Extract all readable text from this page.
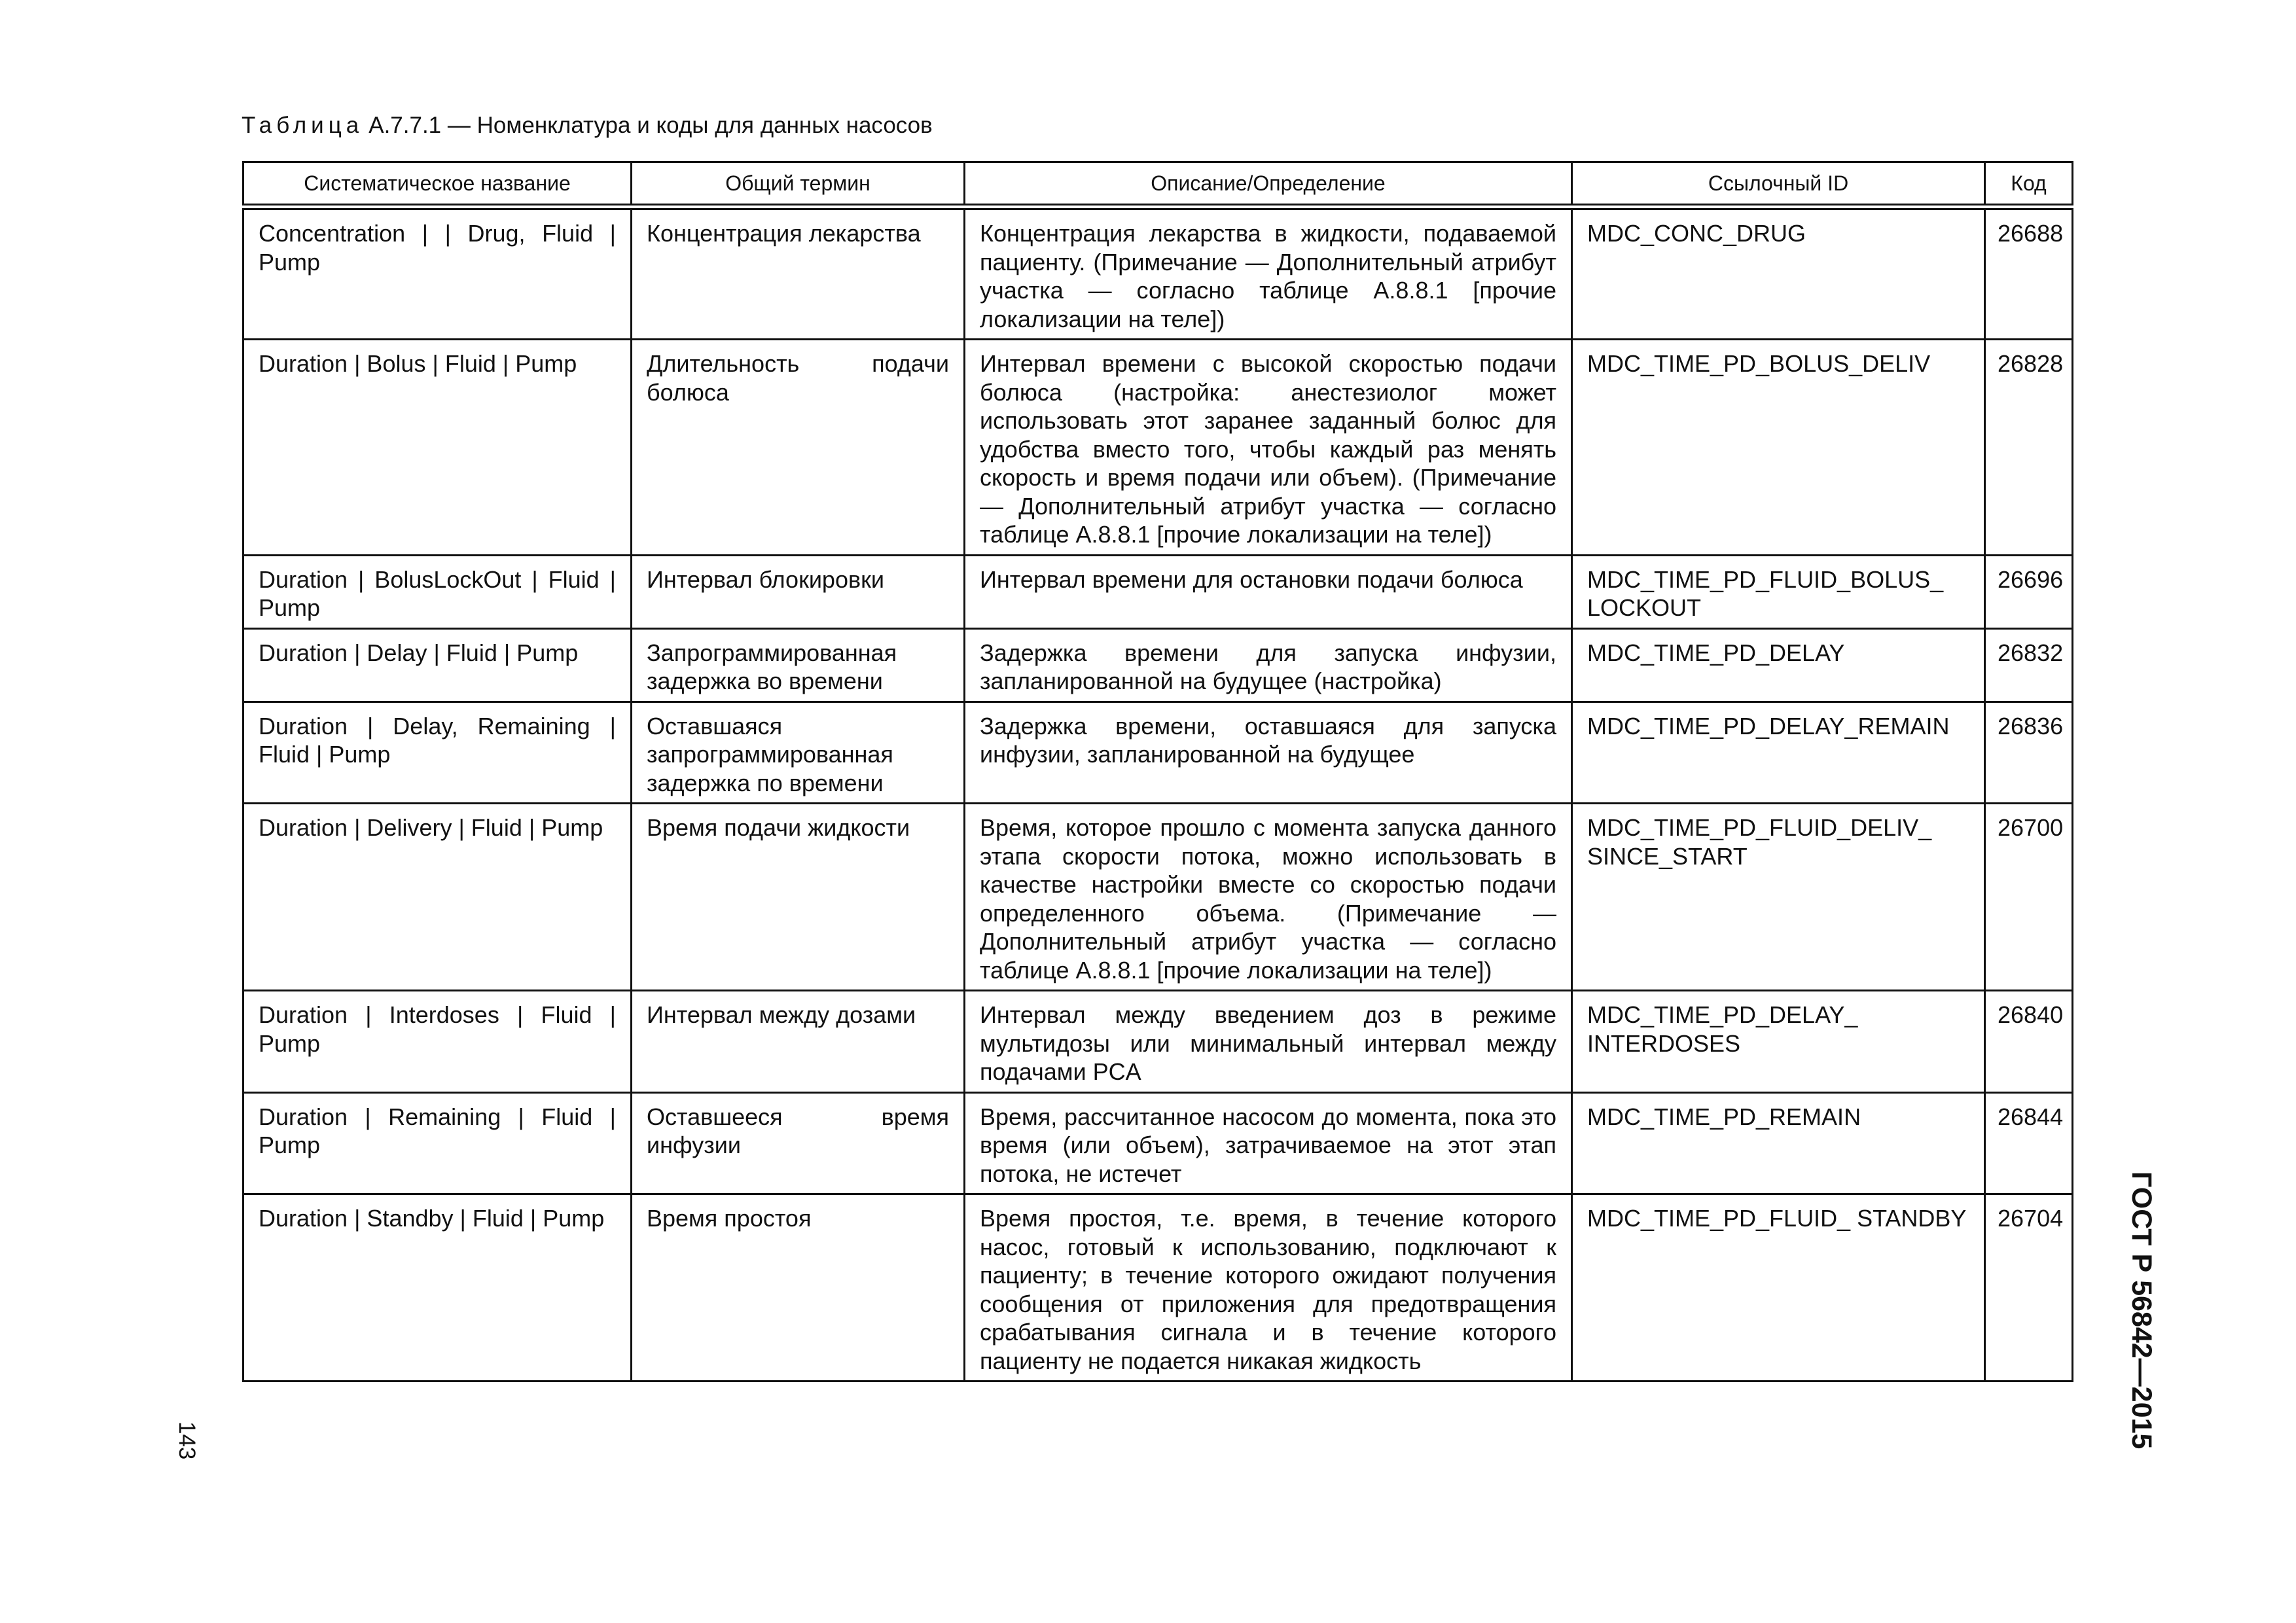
Таблица А.7.7.1 — Номенклатура и коды для данных насосов
Систематическое название	Общий термин	Описание/Определение	Ссылочный ID	Код
Concentration | | Drug, Fluid | Pump	Концентрация лекарства	Концентрация лекарства в жидкости, подаваемой пациенту. (Примечание — Дополнительный атрибут участка — согласно таблице А.8.8.1 [прочие локализации на теле])	MDC_CONC_DRUG	26688
Duration | Bolus | Fluid | Pump	Длительность подачи болюса	Интервал времени с высокой скоростью подачи болюса (настройка: анестезиолог может использовать этот заранее заданный болюс для удобства вместо того, чтобы каждый раз менять скорость и время подачи или объем). (Примечание — Дополнительный атрибут участка — согласно таблице А.8.8.1 [прочие локализации на теле])	MDC_TIME_PD_BOLUS_DELIV	26828
Duration | BolusLockOut | Fluid | Pump	Интервал блокировки	Интервал времени для остановки подачи болюса	MDC_TIME_PD_FLUID_BOLUS_ LOCKOUT	26696
Duration | Delay | Fluid | Pump	Запрограммированная задержка во времени	Задержка времени для запуска инфузии, запланированной на будущее (настройка)	MDC_TIME_PD_DELAY	26832
Duration | Delay, Remaining | Fluid | Pump	Оставшаяся запрограммированная задержка по времени	Задержка времени, оставшаяся для запуска инфузии, запланированной на будущее	MDC_TIME_PD_DELAY_REMAIN	26836
Duration | Delivery | Fluid | Pump	Время подачи жидкости	Время, которое прошло с момента запуска данного этапа скорости потока, можно использовать в качестве настройки вместе со скоростью подачи определенного объема. (Примечание — Дополнительный атрибут участка — согласно таблице А.8.8.1 [прочие локализации на теле])	MDC_TIME_PD_FLUID_DELIV_ SINCE_START	26700
Duration | Interdoses | Fluid | Pump	Интервал между дозами	Интервал между введением доз в режиме мультидозы или минимальный интервал между подачами PCA	MDC_TIME_PD_DELAY_ INTERDOSES	26840
Duration | Remaining | Fluid | Pump	Оставшееся время инфузии	Время, рассчитанное насосом до момента, пока это время (или объем), затрачиваемое на этот этап потока, не истечет	MDC_TIME_PD_REMAIN	26844
Duration | Standby | Fluid | Pump	Время простоя	Время простоя, т.е. время, в течение которого насос, готовый к использованию, подключают к пациенту; в течение которого ожидают получения сообщения от приложения для предотвращения срабатывания сигнала и в течение которого пациенту не подается никакая жидкость	MDC_TIME_PD_FLUID_ STANDBY	26704
143	ГОСТ Р 56842—2015
